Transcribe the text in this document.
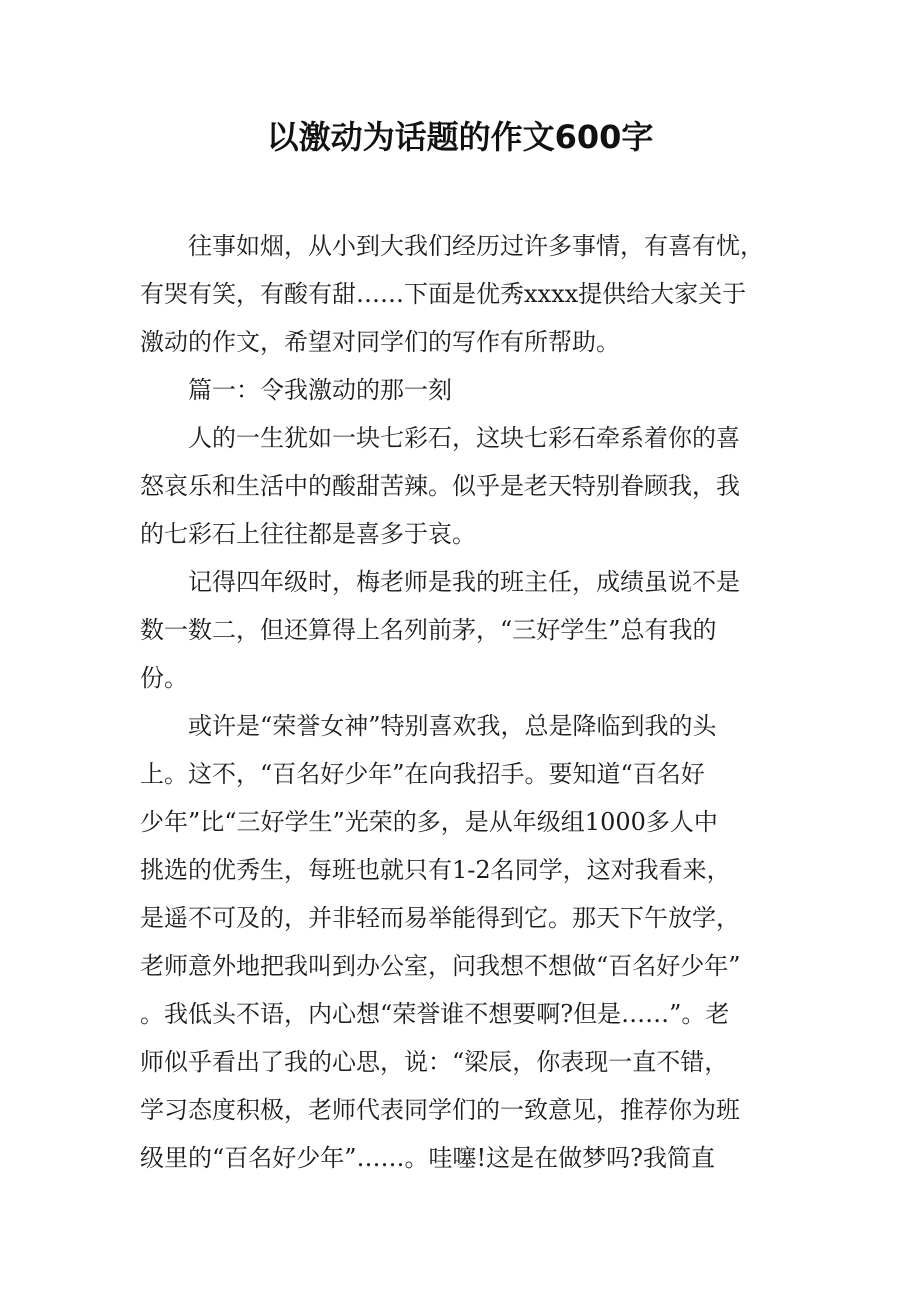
以激动为话题的作文600字

往事如烟，从小到大我们经历过许多事情，有喜有忧，
有哭有笑，有酸有甜……下面是优秀xxxx提供给大家关于
激动的作文，希望对同学们的写作有所帮助。

篇一：令我激动的那一刻

人的一生犹如一块七彩石，这块七彩石牵系着你的喜
怒哀乐和生活中的酸甜苦辣。似乎是老天特别眷顾我，我
的七彩石上往往都是喜多于哀。

记得四年级时，梅老师是我的班主任，成绩虽说不是
数一数二，但还算得上名列前茅，“三好学生”总有我的
份。

或许是“荣誉女神”特别喜欢我，总是降临到我的头
上。这不，“百名好少年”在向我招手。要知道“百名好
少年”比“三好学生”光荣的多，是从年级组1000多人中
挑选的优秀生，每班也就只有1-2名同学，这对我看来，
是遥不可及的，并非轻而易举能得到它。那天下午放学，
老师意外地把我叫到办公室，问我想不想做“百名好少年”
。我低头不语，内心想“荣誉谁不想要啊?但是……”。老
师似乎看出了我的心思，说：“梁辰，你表现一直不错，
学习态度积极，老师代表同学们的一致意见，推荐你为班
级里的“百名好少年”……。哇噻!这是在做梦吗?我简直
